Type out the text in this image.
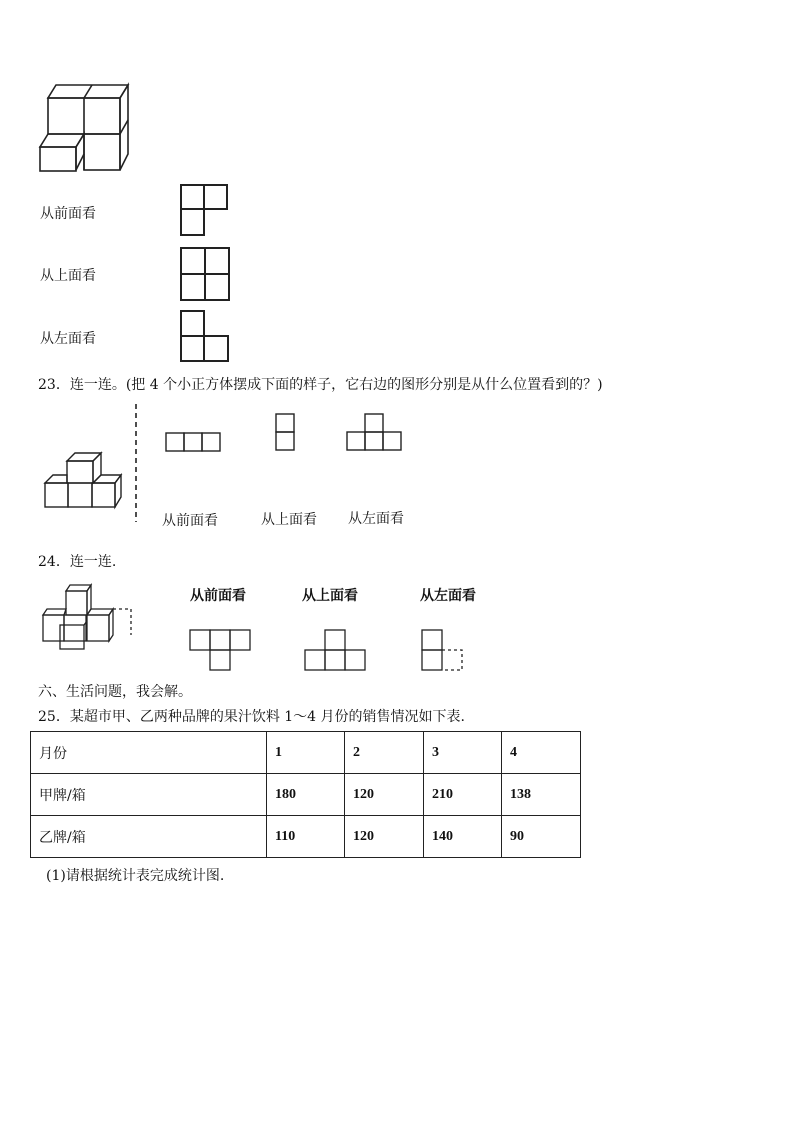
从前面看
从上面看
从左面看
23．连一连。(把 4 个小正方体摆成下面的样子，它右边的图形分别是从什么位置看到的？)
从前面看	从上面看 从左面看
24．连一连.
从前面看	从上面看	从左面看
六、生活问题，我会解。
25．某超市甲、乙两种品牌的果汁饮料 1～4 月份的销售情况如下表.
月份	1	2	3	4
甲牌/箱	180	120	210	138
乙牌/箱	110	120	140	90
(1)请根据统计表完成统计图.
